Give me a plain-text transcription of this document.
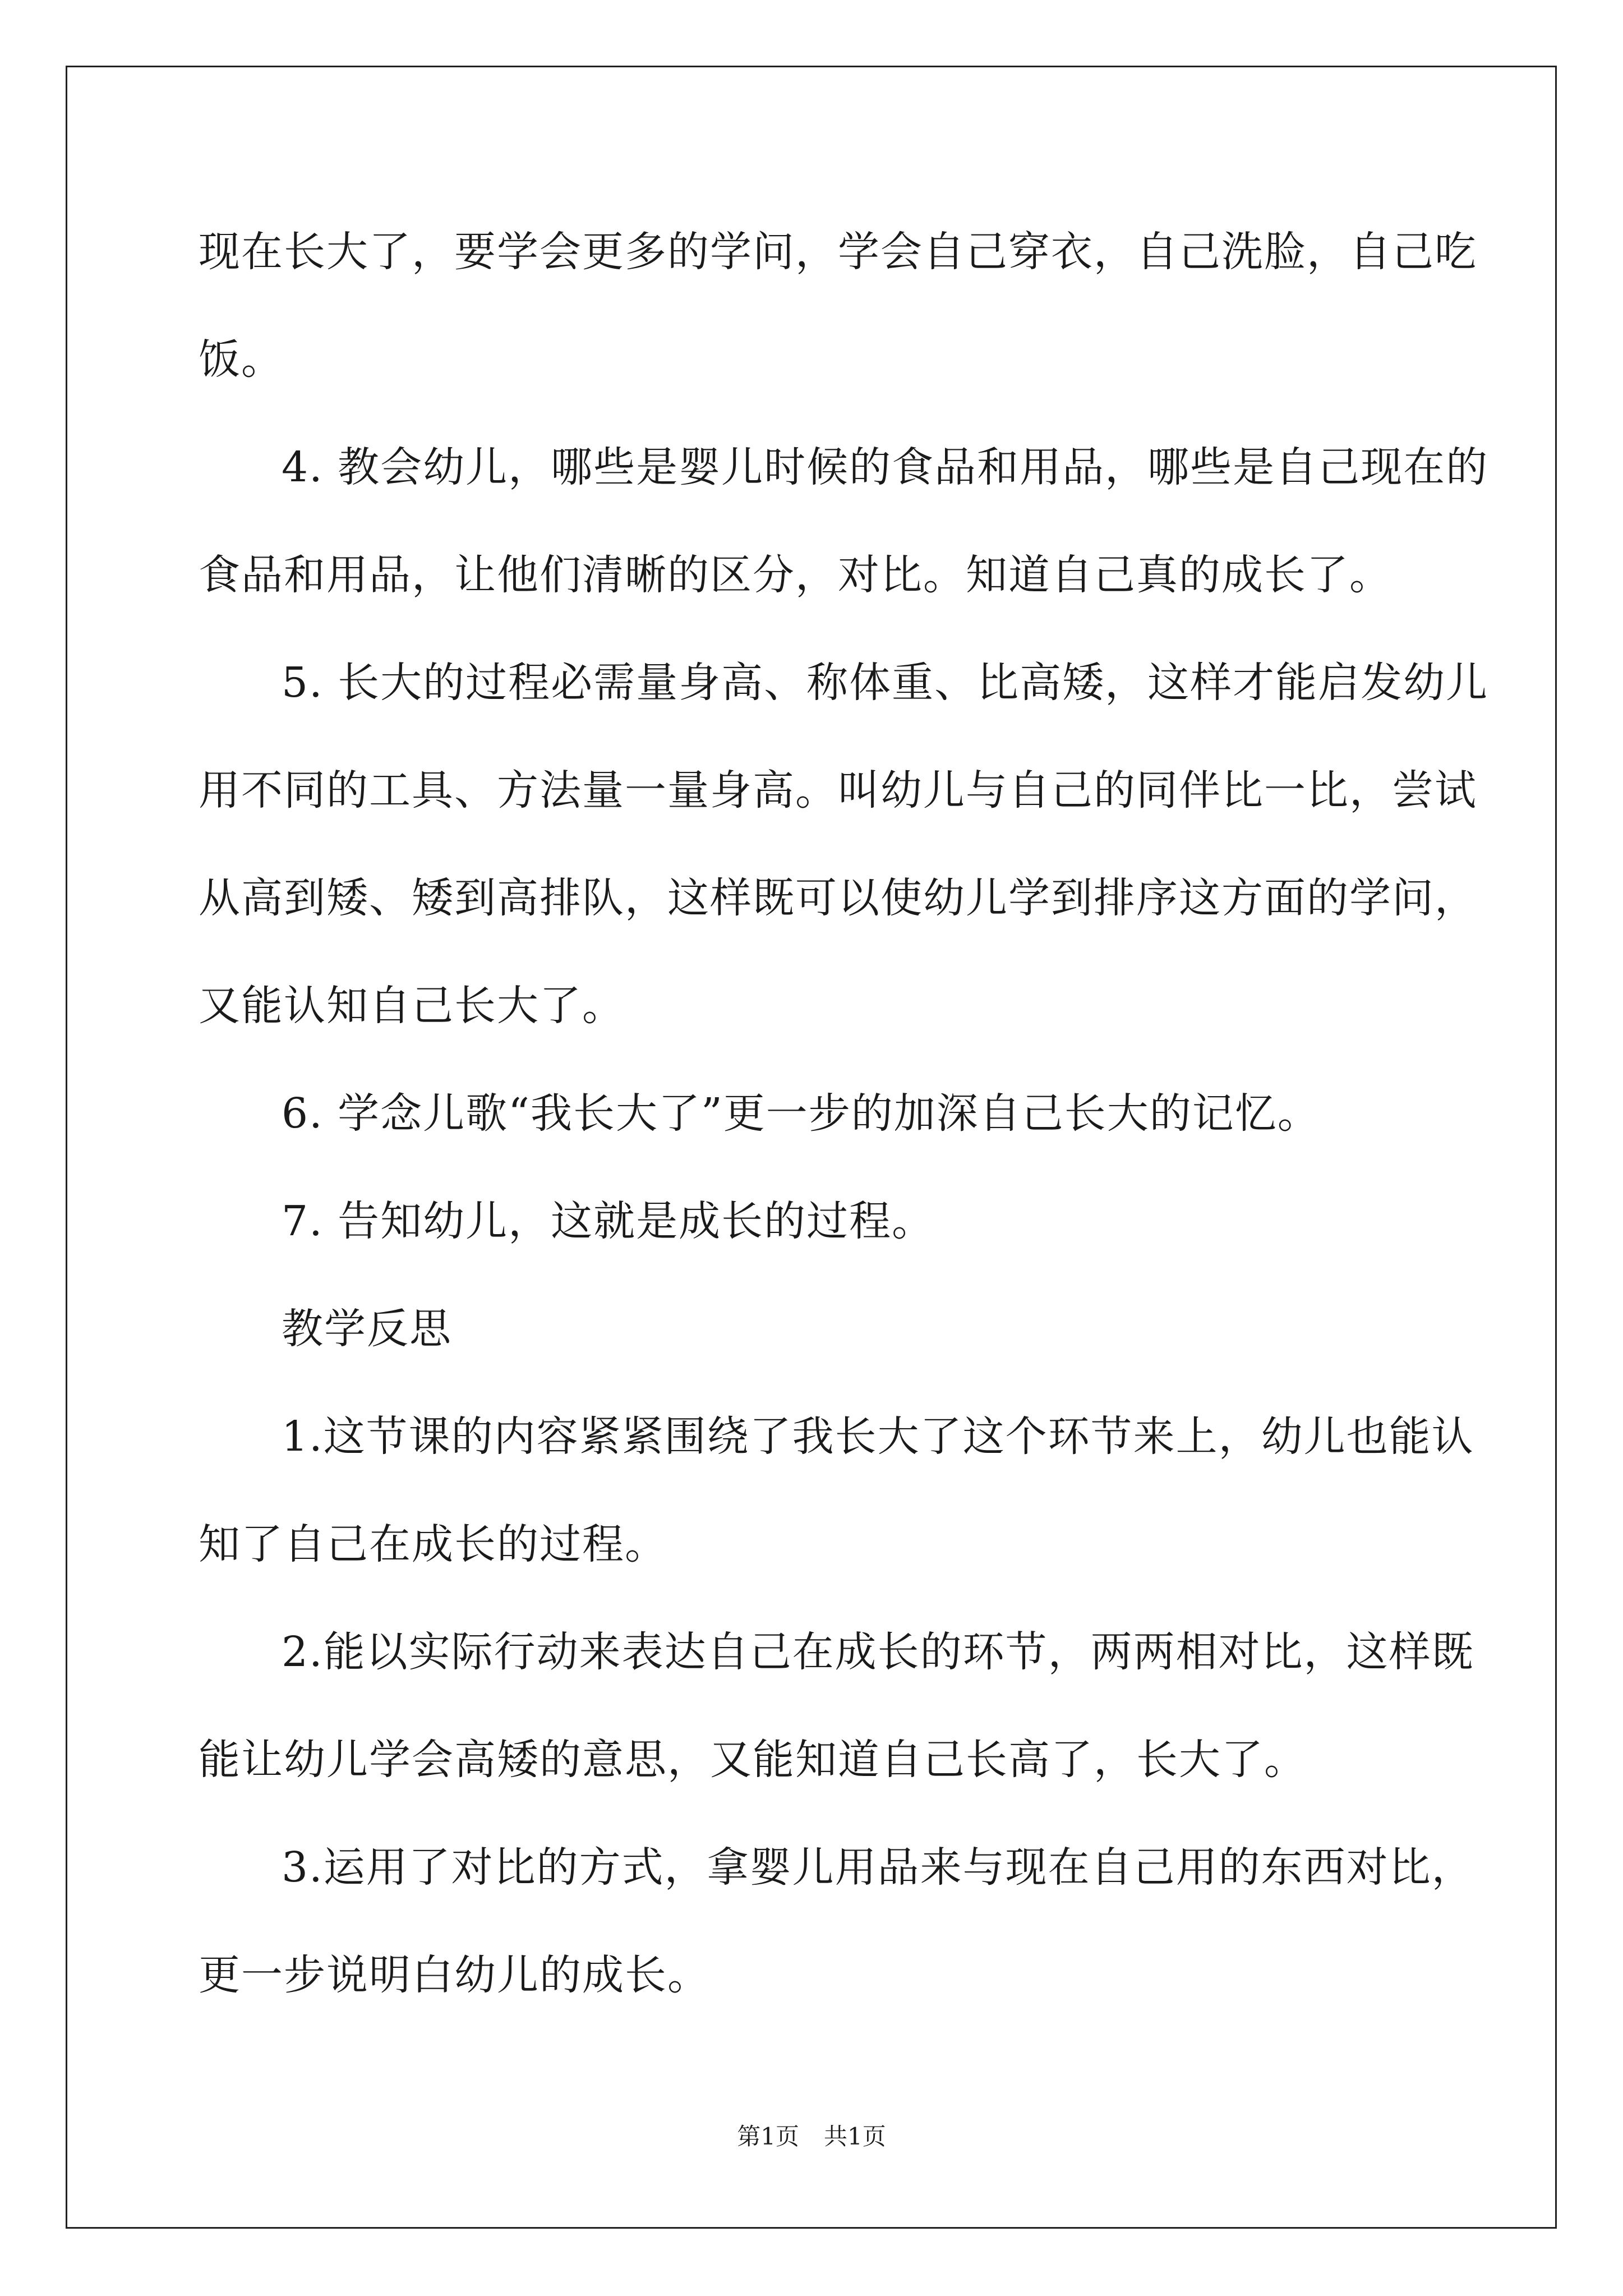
现在长大了，要学会更多的学问，学会自己穿衣，自己洗脸，自己吃
饭。
4. 教会幼儿，哪些是婴儿时候的食品和用品，哪些是自己现在的
食品和用品，让他们清晰的区分，对比。知道自己真的成长了。
5. 长大的过程必需量身高、称体重、比高矮，这样才能启发幼儿
用不同的工具、方法量一量身高。叫幼儿与自己的同伴比一比，尝试
从高到矮、矮到高排队，这样既可以使幼儿学到排序这方面的学问，
又能认知自己长大了。
6. 学念儿歌“我长大了”更一步的加深自己长大的记忆。
7. 告知幼儿，这就是成长的过程。
教学反思
1.这节课的内容紧紧围绕了我长大了这个环节来上，幼儿也能认
知了自己在成长的过程。
2.能以实际行动来表达自己在成长的环节，两两相对比，这样既
能让幼儿学会高矮的意思，又能知道自己长高了，长大了。
3.运用了对比的方式，拿婴儿用品来与现在自己用的东西对比，
更一步说明白幼儿的成长。
第1页 共1页
